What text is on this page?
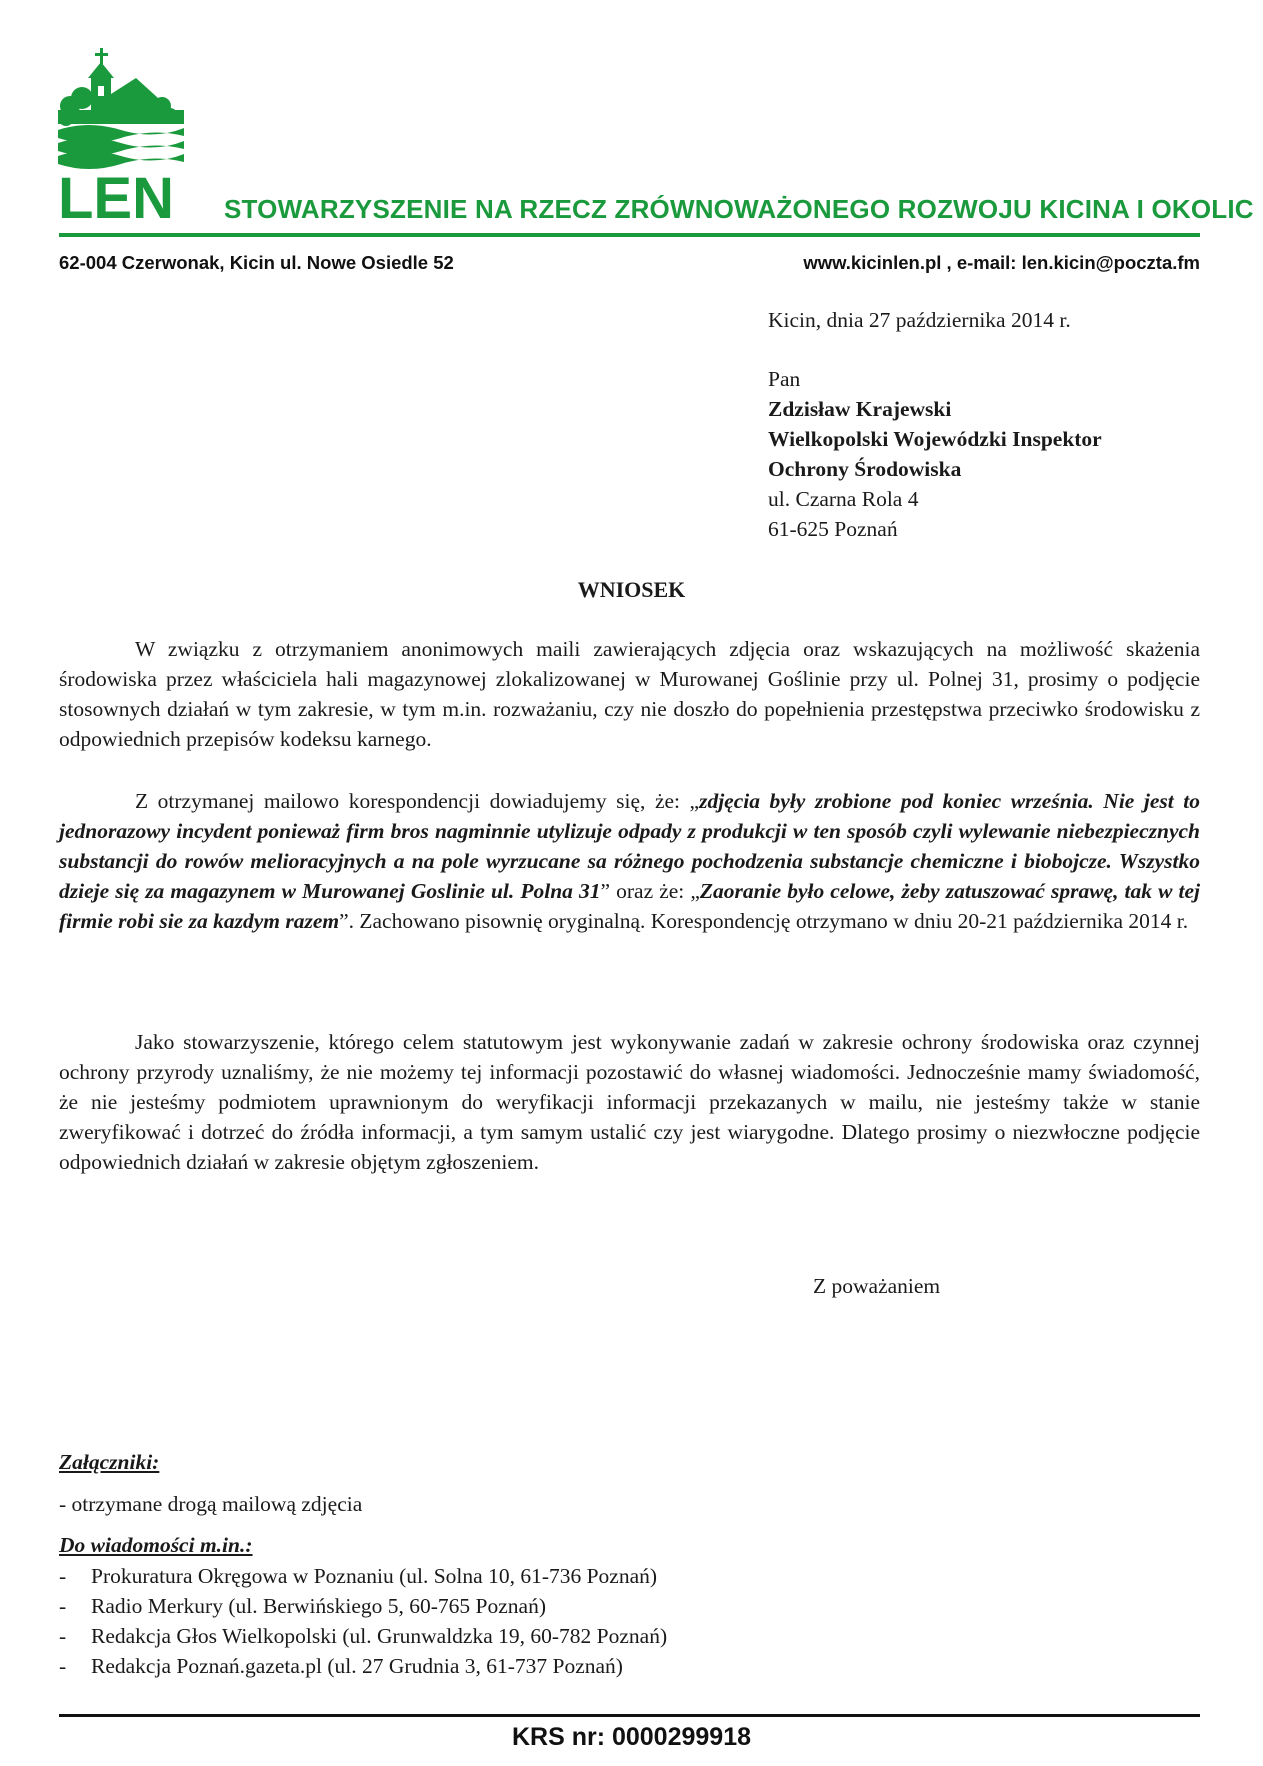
LEN STOWARZYSZENIE NA RZECZ ZRÓWNOWAŻONEGO ROZWOJU KICINA I OKOLIC
62-004 Czerwonak, Kicin ul. Nowe Osiedle 52	www.kicinlen.pl , e-mail: len.kicin@poczta.fm
Kicin, dnia 27 października 2014 r.
Pan
Zdzisław Krajewski
Wielkopolski Wojewódzki Inspektor
Ochrony Środowiska
ul. Czarna Rola 4
61-625 Poznań
WNIOSEK
W związku z otrzymaniem anonimowych maili zawierających zdjęcia oraz wskazujących na możliwość skażenia środowiska przez właściciela hali magazynowej zlokalizowanej w Murowanej Goślinie przy ul. Polnej 31, prosimy o podjęcie stosownych działań w tym zakresie, w tym m.in. rozważaniu, czy nie doszło do popełnienia przestępstwa przeciwko środowisku z odpowiednich przepisów kodeksu karnego.
Z otrzymanej mailowo korespondencji dowiadujemy się, że: „zdjęcia były zrobione pod koniec września. Nie jest to jednorazowy incydent ponieważ firm bros nagminnie utylizuje odpady z produkcji w ten sposób czyli wylewanie niebezpiecznych substancji do rowów melioracyjnych a na pole wyrzucane sa różnego pochodzenia substancje chemiczne i biobojcze. Wszystko dzieje się za magazynem w Murowanej Goslinie ul. Polna 31” oraz że: „Zaoranie było celowe, żeby zatuszować sprawę, tak w tej firmie robi sie za kazdym razem”. Zachowano pisownię oryginalną. Korespondencję otrzymano w dniu 20-21 października 2014 r.
Jako stowarzyszenie, którego celem statutowym jest wykonywanie zadań w zakresie ochrony środowiska oraz czynnej ochrony przyrody uznaliśmy, że nie możemy tej informacji pozostawić do własnej wiadomości. Jednocześnie mamy świadomość, że nie jesteśmy podmiotem uprawnionym do weryfikacji informacji przekazanych w mailu, nie jesteśmy także w stanie zweryfikować i dotrzeć do źródła informacji, a tym samym ustalić czy jest wiarygodne. Dlatego prosimy o niezwłoczne podjęcie odpowiednich działań w zakresie objętym zgłoszeniem.
Z poważaniem
Załączniki:
- otrzymane drogą mailową zdjęcia
Do wiadomości m.in.:
- Prokuratura Okręgowa w Poznaniu (ul. Solna 10, 61-736 Poznań)
- Radio Merkury (ul. Berwińskiego 5, 60-765 Poznań)
- Redakcja Głos Wielkopolski (ul. Grunwaldzka 19, 60-782 Poznań)
- Redakcja Poznań.gazeta.pl (ul. 27 Grudnia 3, 61-737 Poznań)
KRS nr: 0000299918
